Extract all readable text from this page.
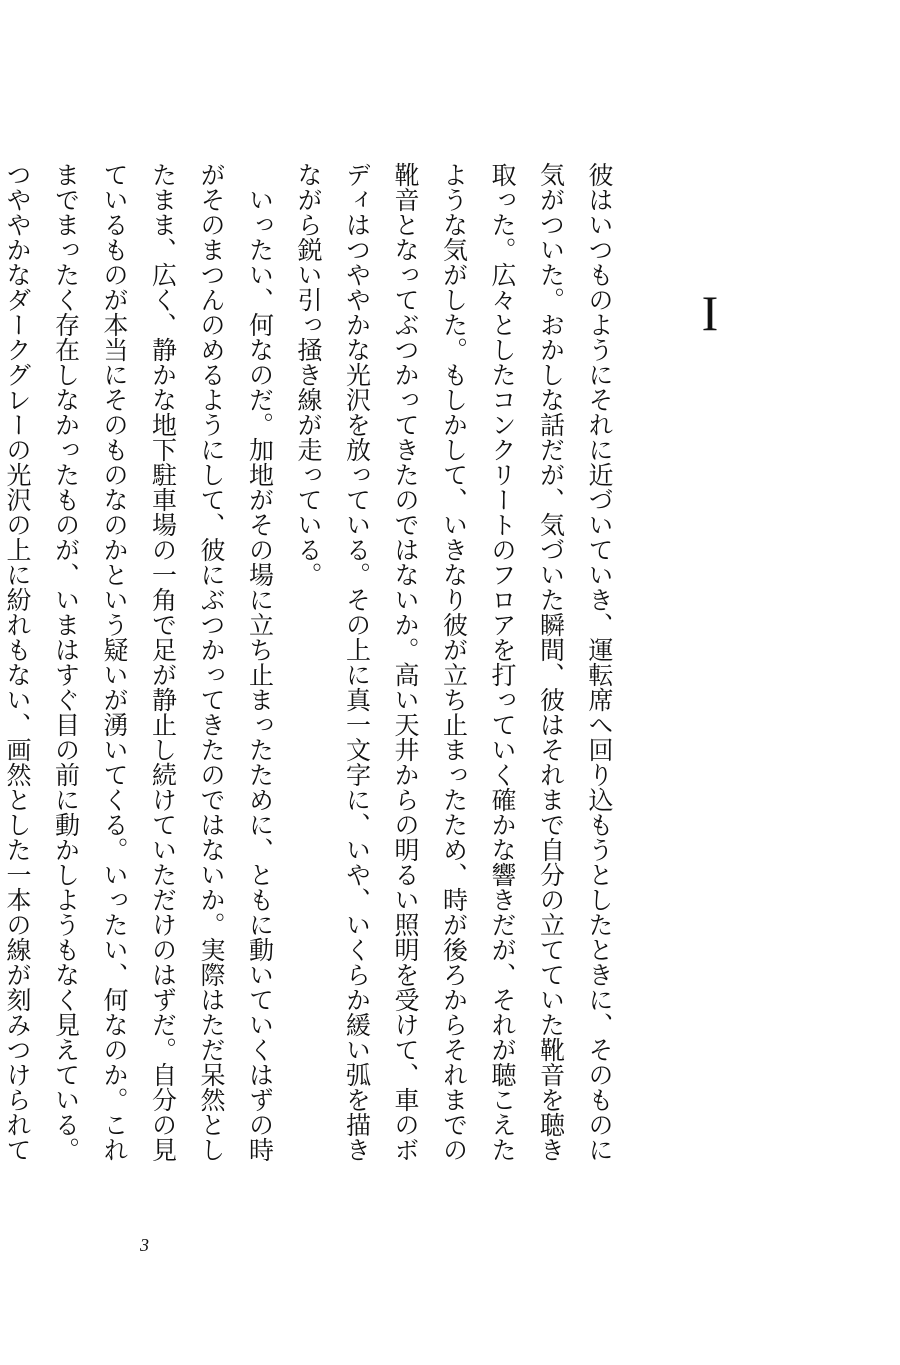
I

彼はいつものようにそれに近づいていき、運転席へ回り込もうとしたときに、そのものに気がついた。おかしな話だが、気づいた瞬間、彼はそれまで自分の立てていた靴音を聴き取った。広々としたコンクリートのフロアを打っていく確かな響きだが、それが聴こえたような気がした。もしかして、いきなり彼が立ち止まったため、時が後ろからそれまでの靴音となってぶつかってきたのではないか。高い天井からの明るい照明を受けて、車のボディはつややかな光沢を放っている。その上に真一文字に、いや、いくらか緩い弧を描きながら鋭い引っ掻き線が走っている。

いったい、何なのだ。加地がその場に立ち止まったために、ともに動いていくはずの時がそのまつんのめるようにして、彼にぶつかってきたのではないか。実際はただ呆然としたまま、広く、静かな地下駐車場の一角で足が静止し続けていただけのはずだ。自分の見ているものが本当にそのものなのかという疑いが湧いてくる。いったい、何なのか。これまでまったく存在しなかったものが、いまはすぐ目の前に動かしようもなく見えている。つややかなダークグレーの光沢の上に紛れもない、画然とした一本の線が刻みつけられて

3
